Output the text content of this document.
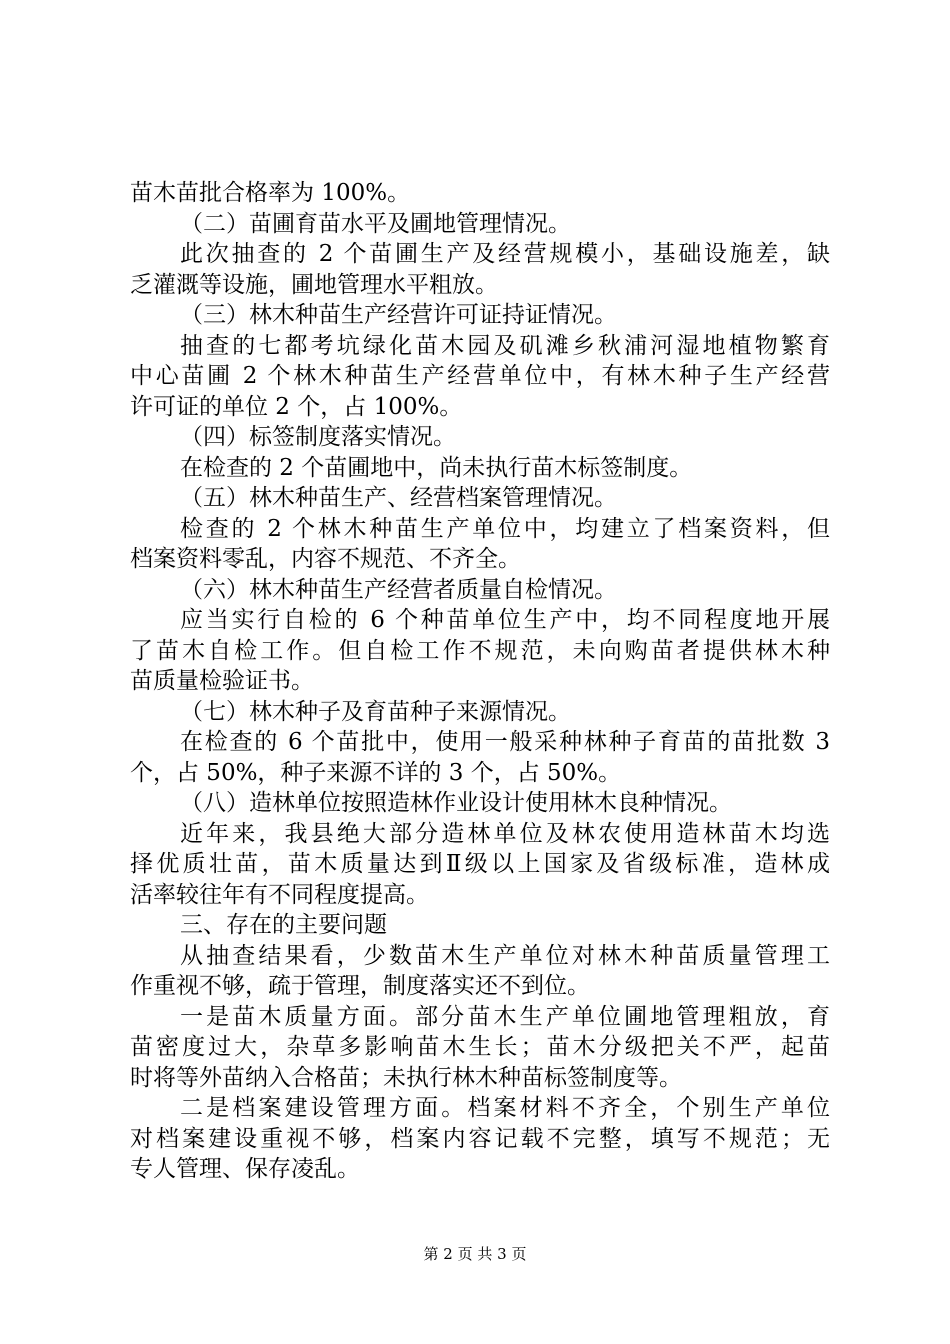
苗木苗批合格率为 100%。
（二）苗圃育苗水平及圃地管理情况。
此次抽查的 2 个苗圃生产及经营规模小，基础设施差，缺
乏灌溉等设施，圃地管理水平粗放。
（三）林木种苗生产经营许可证持证情况。
抽查的七都考坑绿化苗木园及矶滩乡秋浦河湿地植物繁育
中心苗圃 2 个林木种苗生产经营单位中，有林木种子生产经营
许可证的单位 2 个，占 100%。
（四）标签制度落实情况。
在检查的 2 个苗圃地中，尚未执行苗木标签制度。
（五）林木种苗生产、经营档案管理情况。
检查的 2 个林木种苗生产单位中，均建立了档案资料，但
档案资料零乱，内容不规范、不齐全。
（六）林木种苗生产经营者质量自检情况。
应当实行自检的 6 个种苗单位生产中，均不同程度地开展
了苗木自检工作。但自检工作不规范，未向购苗者提供林木种
苗质量检验证书。
（七）林木种子及育苗种子来源情况。
在检查的 6 个苗批中，使用一般采种林种子育苗的苗批数 3
个，占 50%，种子来源不详的 3 个，占 50%。
（八）造林单位按照造林作业设计使用林木良种情况。
近年来，我县绝大部分造林单位及林农使用造林苗木均选
择优质壮苗，苗木质量达到Ⅱ级以上国家及省级标准，造林成
活率较往年有不同程度提高。
三、存在的主要问题
从抽查结果看，少数苗木生产单位对林木种苗质量管理工
作重视不够，疏于管理，制度落实还不到位。
一是苗木质量方面。部分苗木生产单位圃地管理粗放，育
苗密度过大，杂草多影响苗木生长；苗木分级把关不严，起苗
时将等外苗纳入合格苗；未执行林木种苗标签制度等。
二是档案建设管理方面。档案材料不齐全，个别生产单位
对档案建设重视不够，档案内容记载不完整，填写不规范；无
专人管理、保存凌乱。
第 2 页 共 3 页
